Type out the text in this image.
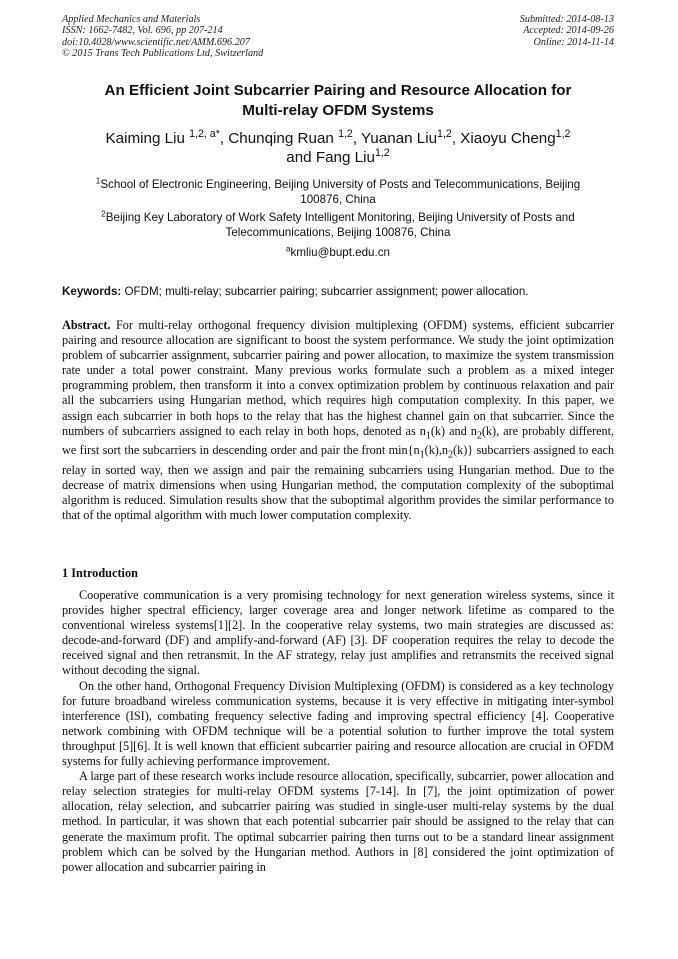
Applied Mechanics and Materials
ISSN: 1662-7482, Vol. 696, pp 207-214
doi:10.4028/www.scientific.net/AMM.696.207
© 2015 Trans Tech Publications Ltd, Switzerland
Submitted: 2014-08-13
Accepted: 2014-09-26
Online: 2014-11-14
An Efficient Joint Subcarrier Pairing and Resource Allocation for
Multi-relay OFDM Systems
Kaiming Liu $^{1,2, a*}$, Chunqing Ruan $^{1,2}$, Yuanan Liu$^{1,2}$, Xiaoyu Cheng$^{1,2}$
and Fang Liu$^{1,2}$
$^1$School of Electronic Engineering, Beijing University of Posts and Telecommunications, Beijing
100876, China
$^2$Beijing Key Laboratory of Work Safety Intelligent Monitoring, Beijing University of Posts and
Telecommunications, Beijing 100876, China
$^a$kmliu@bupt.edu.cn
Keywords: OFDM; multi-relay; subcarrier pairing; subcarrier assignment; power allocation.

Abstract. For multi-relay orthogonal frequency division multiplexing (OFDM) systems, efficient subcarrier pairing and resource allocation are significant to boost the system performance. We study the joint optimization problem of subcarrier assignment, subcarrier pairing and power allocation, to maximize the system transmission rate under a total power constraint. Many previous works formulate such a problem as a mixed integer programming problem, then transform it into a convex optimization problem by continuous relaxation and pair all the subcarriers using Hungarian method, which requires high computation complexity. In this paper, we assign each subcarrier in both hops to the relay that has the highest channel gain on that subcarrier. Since the numbers of subcarriers assigned to each relay in both hops, denoted as $n_1(k)$ and $n_2(k)$, are probably different, we first sort the subcarriers in descending order and pair the front $\min\{n_1(k),n_2(k)\}$ subcarriers assigned to each relay in sorted way, then we assign and pair the remaining subcarriers using Hungarian method. Due to the decrease of matrix dimensions when using Hungarian method, the computation complexity of the suboptimal algorithm is reduced. Simulation results show that the suboptimal algorithm provides the similar performance to that of the optimal algorithm with much lower computation complexity.

1 Introduction

Cooperative communication is a very promising technology for next generation wireless systems, since it provides higher spectral efficiency, larger coverage area and longer network lifetime as compared to the conventional wireless systems[1][2]. In the cooperative relay systems, two main strategies are discussed as: decode-and-forward (DF) and amplify-and-forward (AF) [3]. DF cooperation requires the relay to decode the received signal and then retransmit. In the AF strategy, relay just amplifies and retransmits the received signal without decoding the signal.

On the other hand, Orthogonal Frequency Division Multiplexing (OFDM) is considered as a key technology for future broadband wireless communication systems, because it is very effective in mitigating inter-symbol interference (ISI), combating frequency selective fading and improving spectral efficiency [4]. Cooperative network combining with OFDM technique will be a potential solution to further improve the total system throughput [5][6]. It is well known that efficient subcarrier pairing and resource allocation are crucial in OFDM systems for fully achieving performance improvement.

A large part of these research works include resource allocation, specifically, subcarrier, power allocation and relay selection strategies for multi-relay OFDM systems [7-14]. In [7], the joint optimization of power allocation, relay selection, and subcarrier pairing was studied in single-user multi-relay systems by the dual method. In particular, it was shown that each potential subcarrier pair should be assigned to the relay that can generate the maximum profit. The optimal subcarrier pairing then turns out to be a standard linear assignment problem which can be solved by the Hungarian method. Authors in [8] considered the joint optimization of power allocation and subcarrier pairing in
